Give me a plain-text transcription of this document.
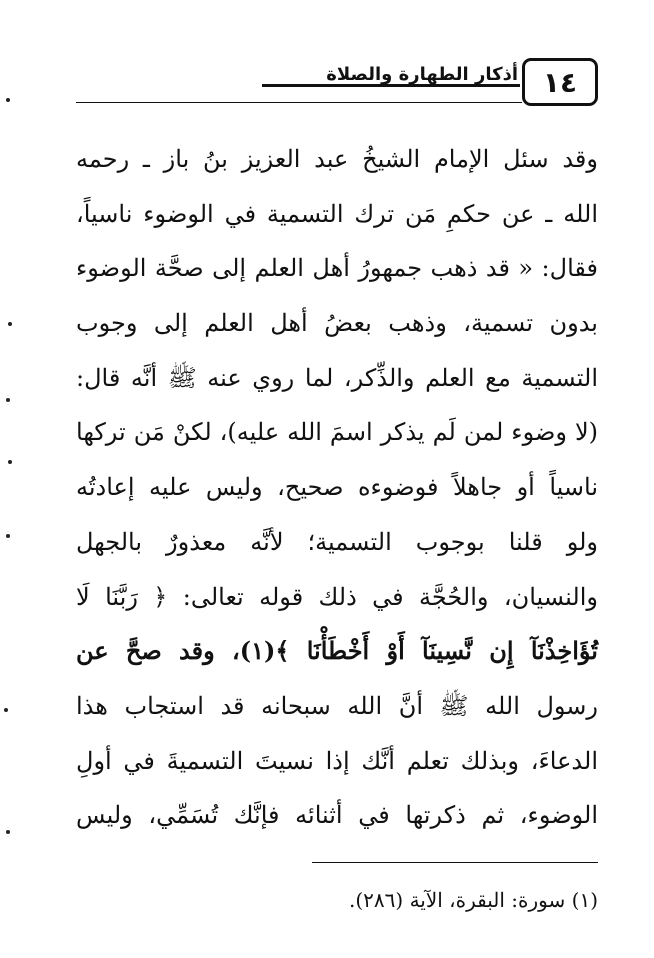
١٤
أذكار الطهارة والصلاة
وقد سئل الإمام الشيخُ عبد العزيز بنُ باز ـ رحمه
الله ـ عن حكمِ مَن ترك التسمية في الوضوء ناسياً،
فقال: « قد ذهب جمهورُ أهل العلم إلى صحَّة الوضوء
بدون تسمية، وذهب بعضُ أهل العلم إلى وجوب
التسمية مع العلم والذِّكر، لما روي عنه ﷺ أنَّه قال:
(لا وضوء لمن لَم يذكر اسمَ الله عليه)، لكنْ مَن تركها
ناسياً أو جاهلاً فوضوءه صحيح، وليس عليه إعادتُه
ولو قلنا بوجوب التسمية؛ لأنَّه معذورٌ بالجهل
والنسيان، والحُجَّة في ذلك قوله تعالى: ﴿ رَبَّنَا لَا
تُؤَاخِذْنَآ إِن نَّسِينَآ أَوْ أَخْطَأْنَا ﴾(١)، وقد صحَّ عن
رسول الله ﷺ أنَّ الله سبحانه قد استجاب هذا
الدعاءَ، وبذلك تعلم أنَّك إذا نسيتَ التسميةَ في أولِ
الوضوء، ثم ذكرتها في أثنائه فإنَّك تُسَمِّي، وليس
(١) سورة: البقرة، الآية (٢٨٦).
